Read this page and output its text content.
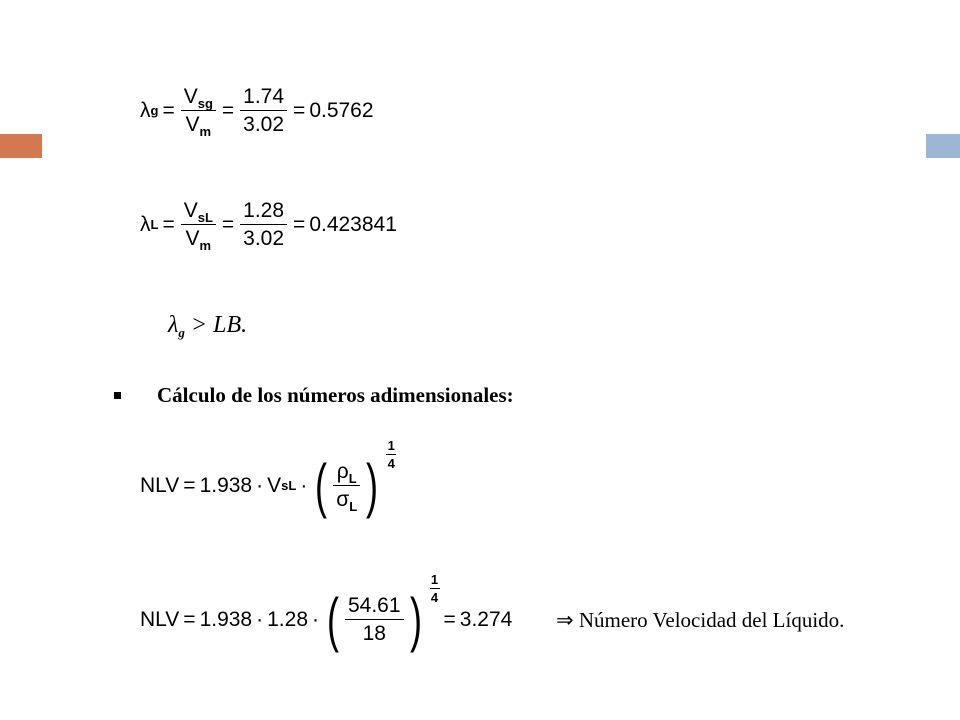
λ $g = \frac{V_{sg}}{V_m} = \frac{1.74}{3.02} = 0.5762$
λ $L = \frac{V_{sL}}{V_m} = \frac{1.28}{3.02} = 0.423841$
$\lambda_g$ > LB.
Cálculo de los números adimensionales:
NLV = 1.938 · V sL · ( $\frac{\rho_L}{\sigma_L}$ )
1
4
NLV = 1.938 · 1.28 · ( $\frac{54.61}{18}$ )
1
4
= 3.274 ⇒ Número Velocidad del Líquido.
